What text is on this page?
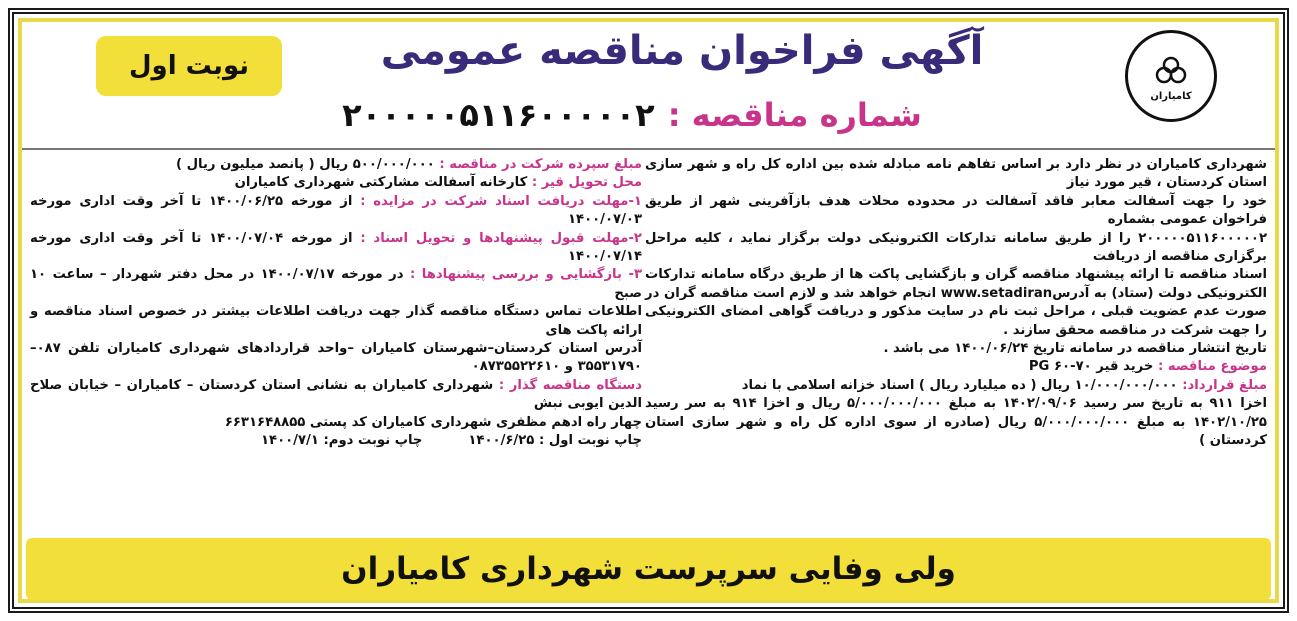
نوبت اول	آگهی فراخوان مناقصه عمومی
شماره مناقصه : ۲۰۰۰۰۰۵۱۱۶۰۰۰۰۰۲	کامیاران

شهرداری کامیاران در نظر دارد بر اساس تفاهم نامه مبادله شده بین اداره کل راه و شهر سازی استان کردستان ، قیر مورد نیاز

خود را جهت آسفالت معابر فاقد آسفالت در محدوده محلات هدف بازآفرینی شهر از طریق فراخوان عمومی بشماره

۲۰۰۰۰۰۵۱۱۶۰۰۰۰۰۲ را از طریق سامانه تدارکات الکترونیکی دولت برگزار نماید ، کلیه مراحل برگزاری مناقصه از دریافت

اسناد مناقصه تا ارائه پیشنهاد مناقصه گران و بازگشایی پاکت ها از طریق درگاه سامانه تدارکات الکترونیکی دولت (ستاد) به آدرسwww.setadiran انجام خواهد شد و لازم است مناقصه گران در صورت عدم عضویت قبلی ، مراحل ثبت نام در سایت مذکور و دریافت گواهی امضای الکترونیکی را جهت شرکت در مناقصه محقق سازند .

تاریخ انتشار مناقصه در سامانه تاریخ ۱۴۰۰/۰۶/۲۴ می باشد .

موضوع مناقصه : خرید قیر ۷۰-۶۰ PG

مبلغ قرارداد: ۱۰/۰۰۰/۰۰۰/۰۰۰ ریال ( ده میلیارد ریال ) اسناد خزانه اسلامی با نماد

اخزا ۹۱۱ به تاریخ سر رسید ۱۴۰۲/۰۹/۰۶ به مبلغ ۵/۰۰۰/۰۰۰/۰۰۰ ریال و اخزا ۹۱۴ به سر رسید ۱۴۰۲/۱۰/۲۵ به مبلغ ۵/۰۰۰/۰۰۰/۰۰۰ ریال (صادره از سوی اداره کل راه و شهر سازی استان کردستان )

مبلغ سپرده شرکت در مناقصه : ۵۰۰/۰۰۰/۰۰۰ ریال ( پانصد میلیون ریال )

محل تحویل قیر : کارخانه آسفالت مشارکتی شهرداری کامیاران

۱-مهلت دریافت اسناد شرکت در مزایده : از مورخه ۱۴۰۰/۰۶/۲۵ تا آخر وقت اداری مورخه ۱۴۰۰/۰۷/۰۳

۲-مهلت قبول پیشنهادها و تحویل اسناد : از مورخه ۱۴۰۰/۰۷/۰۴ تا آخر وقت اداری مورخه ۱۴۰۰/۰۷/۱۴

۳- بازگشایی و بررسی پیشنهادها : در مورخه ۱۴۰۰/۰۷/۱۷ در محل دفتر شهردار – ساعت ۱۰ صبح

اطلاعات تماس دستگاه مناقصه گذار جهت دریافت اطلاعات بیشتر در خصوص اسناد مناقصه و ارائه پاکت های

آدرس استان کردستان–شهرستان کامیاران –واحد قراردادهای شهرداری کامیاران تلفن ۰۸۷–۳۵۵۳۱۷۹۰ و ۰۸۷۳۵۵۲۲۶۱۰

دستگاه مناقصه گذار : شهرداری کامیاران به نشانی استان کردستان – کامیاران – خیابان صلاح الدین ایوبی نبش

چهار راه ادهم مظفری شهرداری کامیاران کد پستی ۶۶۳۱۶۴۸۸۵۵

چاپ نوبت اول : ۱۴۰۰/۶/۲۵          چاپ نوبت دوم: ۱۴۰۰/۷/۱

ولی وفایی سرپرست شهرداری کامیاران
